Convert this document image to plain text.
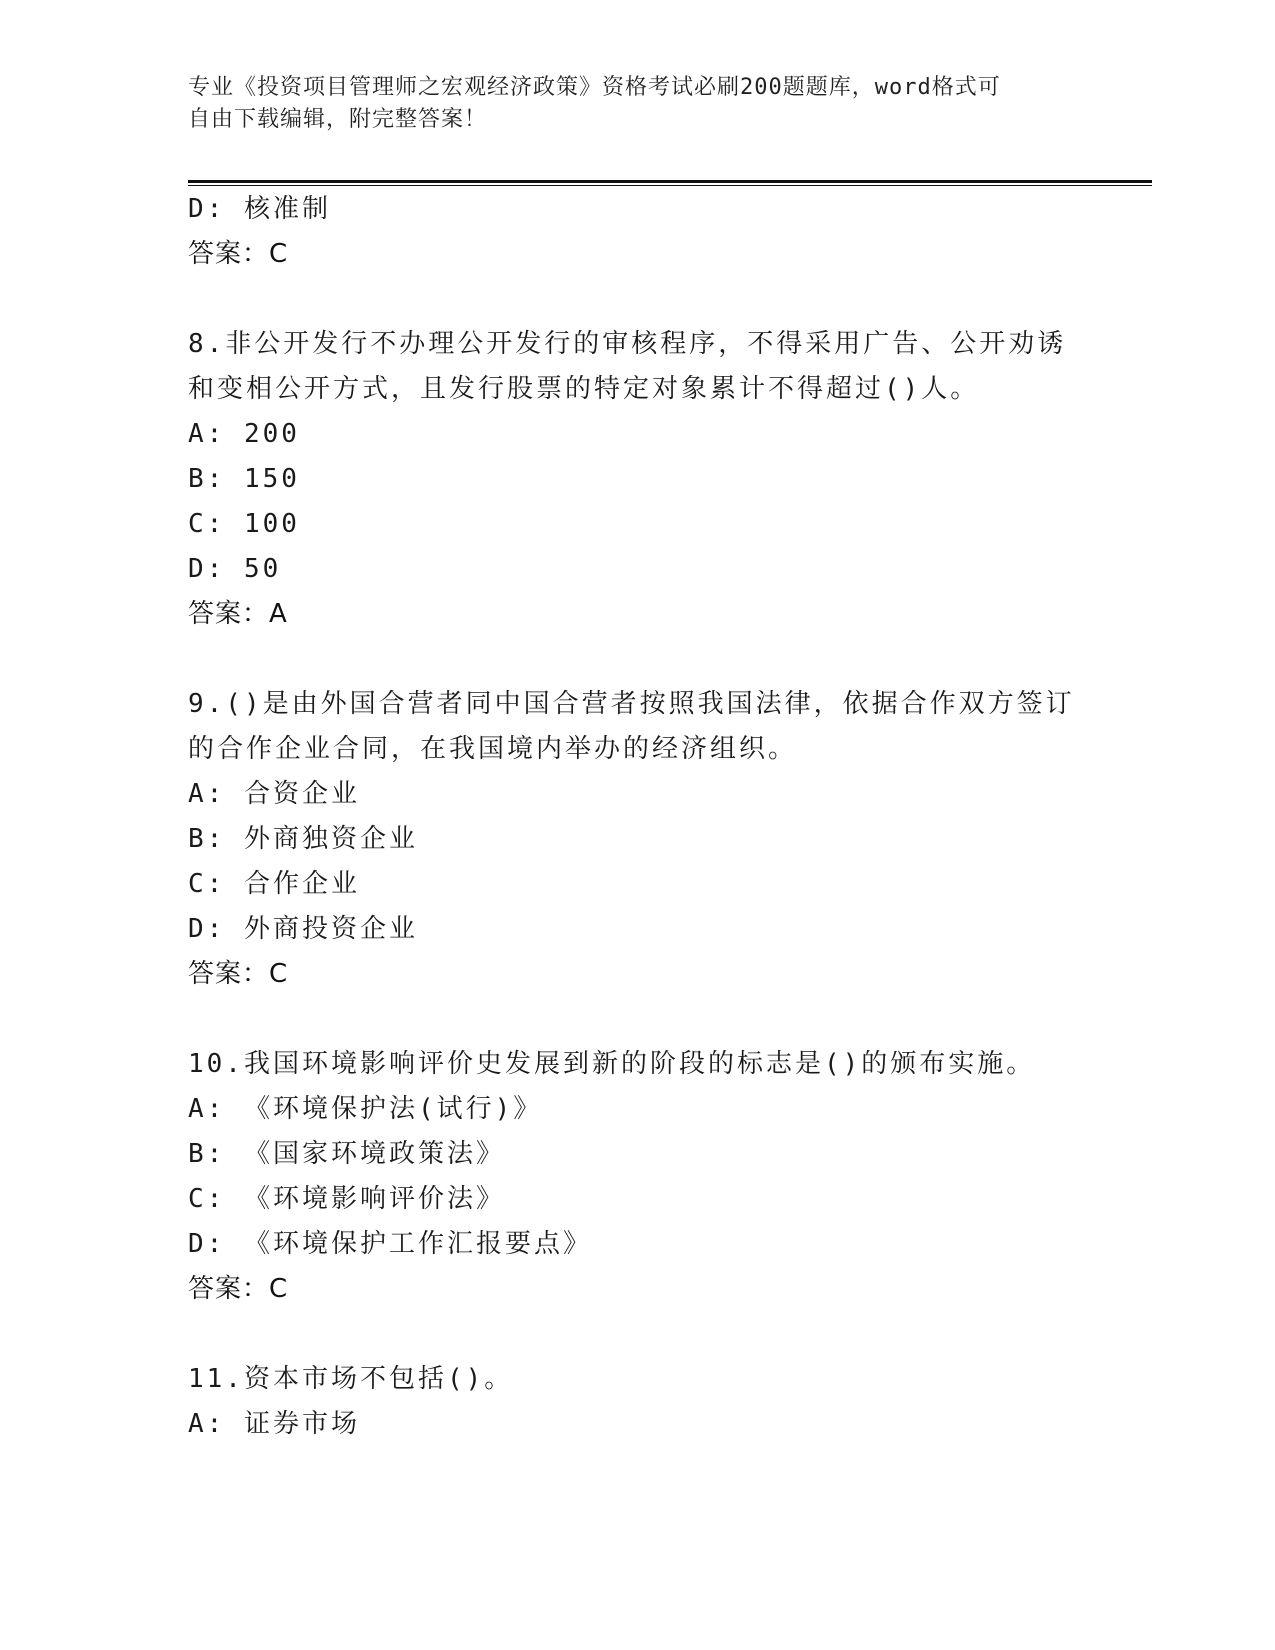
专业《投资项目管理师之宏观经济政策》资格考试必刷200题题库，word格式可
自由下载编辑，附完整答案！
D: 核准制
答案：C
8.非公开发行不办理公开发行的审核程序，不得采用广告、公开劝诱
和变相公开方式，且发行股票的特定对象累计不得超过()人。
A: 200
B: 150
C: 100
D: 50
答案：A
9.()是由外国合营者同中国合营者按照我国法律，依据合作双方签订
的合作企业合同，在我国境内举办的经济组织。
A: 合资企业
B: 外商独资企业
C: 合作企业
D: 外商投资企业
答案：C
10.我国环境影响评价史发展到新的阶段的标志是()的颁布实施。
A: 《环境保护法(试行)》
B: 《国家环境政策法》
C: 《环境影响评价法》
D: 《环境保护工作汇报要点》
答案：C
11.资本市场不包括()。
A: 证券市场
